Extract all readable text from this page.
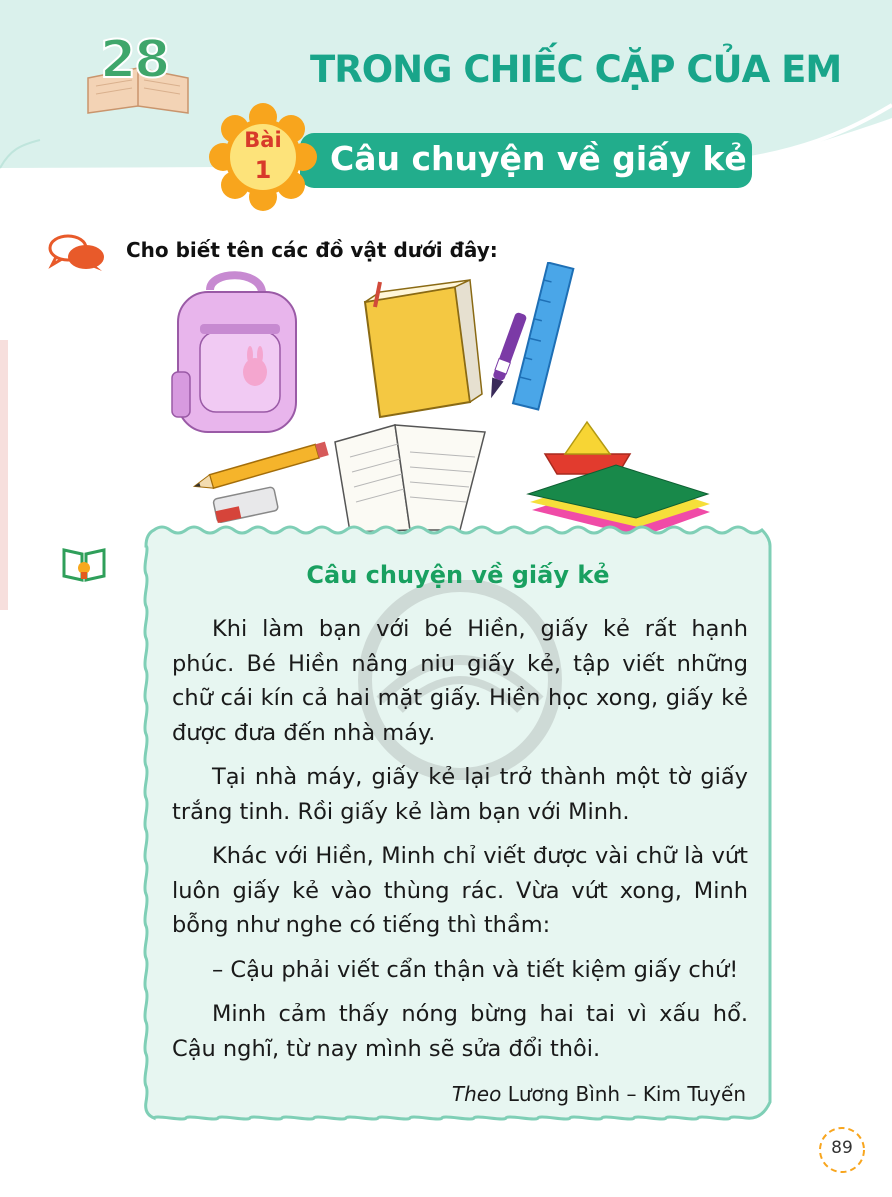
28	TRONG CHIẾC CẶP CỦA EM
Câu chuyện về giấy kẻ
Bài
1
Cho biết tên các đồ vật dưới đây:
Câu chuyện về giấy kẻ

Khi làm bạn với bé Hiền, giấy kẻ rất hạnh phúc. Bé Hiền nâng niu giấy kẻ, tập viết những chữ cái kín cả hai mặt giấy. Hiền học xong, giấy kẻ được đưa đến nhà máy.

Tại nhà máy, giấy kẻ lại trở thành một tờ giấy trắng tinh. Rồi giấy kẻ làm bạn với Minh.

Khác với Hiền, Minh chỉ viết được vài chữ là vứt luôn giấy kẻ vào thùng rác. Vừa vứt xong, Minh bỗng như nghe có tiếng thì thầm:

– Cậu phải viết cẩn thận và tiết kiệm giấy chứ!

Minh cảm thấy nóng bừng hai tai vì xấu hổ. Cậu nghĩ, từ nay mình sẽ sửa đổi thôi.

Theo Lương Bình – Kim Tuyến
89
